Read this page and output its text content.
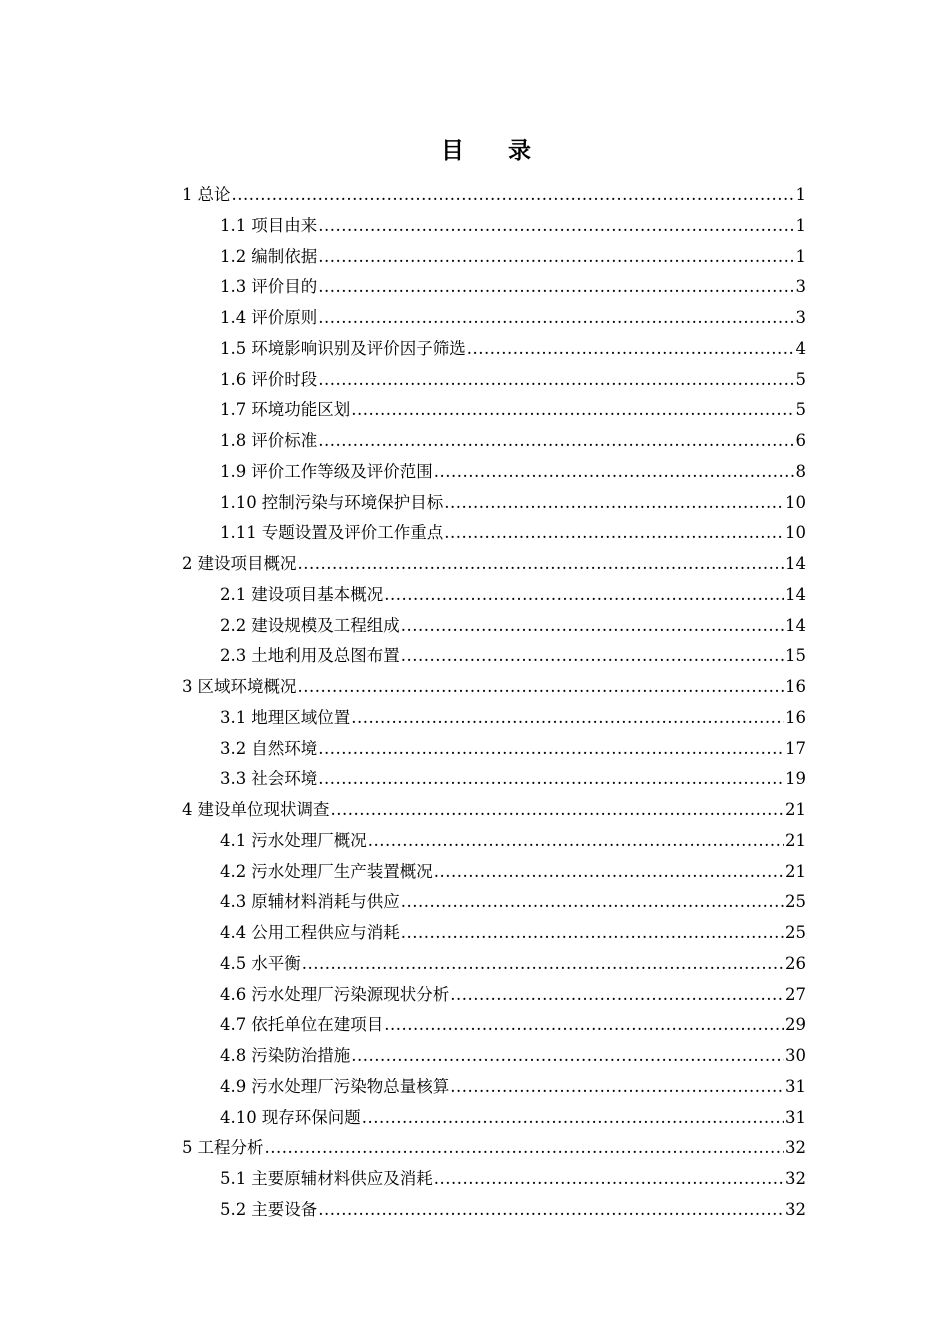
目 录
1 总论 .....	1
1.1 项目由来 .....	1
1.2 编制依据 .....	1
1.3 评价目的 .....	3
1.4 评价原则 .....	3
1.5 环境影响识别及评价因子筛选 .....	4
1.6 评价时段 .....	5
1.7 环境功能区划 .....	5
1.8 评价标准 .....	6
1.9 评价工作等级及评价范围 .....	8
1.10 控制污染与环境保护目标 .....	10
1.11 专题设置及评价工作重点 .....	10
2 建设项目概况 .....	14
2.1 建设项目基本概况 .....	14
2.2 建设规模及工程组成 .....	14
2.3 土地利用及总图布置 .....	15
3 区域环境概况 .....	16
3.1 地理区域位置 .....	16
3.2 自然环境 .....	17
3.3 社会环境 .....	19
4 建设单位现状调查 .....	21
4.1 污水处理厂概况 .....	21
4.2 污水处理厂生产装置概况 .....	21
4.3 原辅材料消耗与供应 .....	25
4.4 公用工程供应与消耗 .....	25
4.5 水平衡 .....	26
4.6 污水处理厂污染源现状分析 .....	27
4.7 依托单位在建项目 .....	29
4.8 污染防治措施 .....	30
4.9 污水处理厂污染物总量核算 .....	31
4.10 现存环保问题 .....	31
5 工程分析 .....	32
5.1 主要原辅材料供应及消耗 .....	32
5.2 主要设备 .....	32
